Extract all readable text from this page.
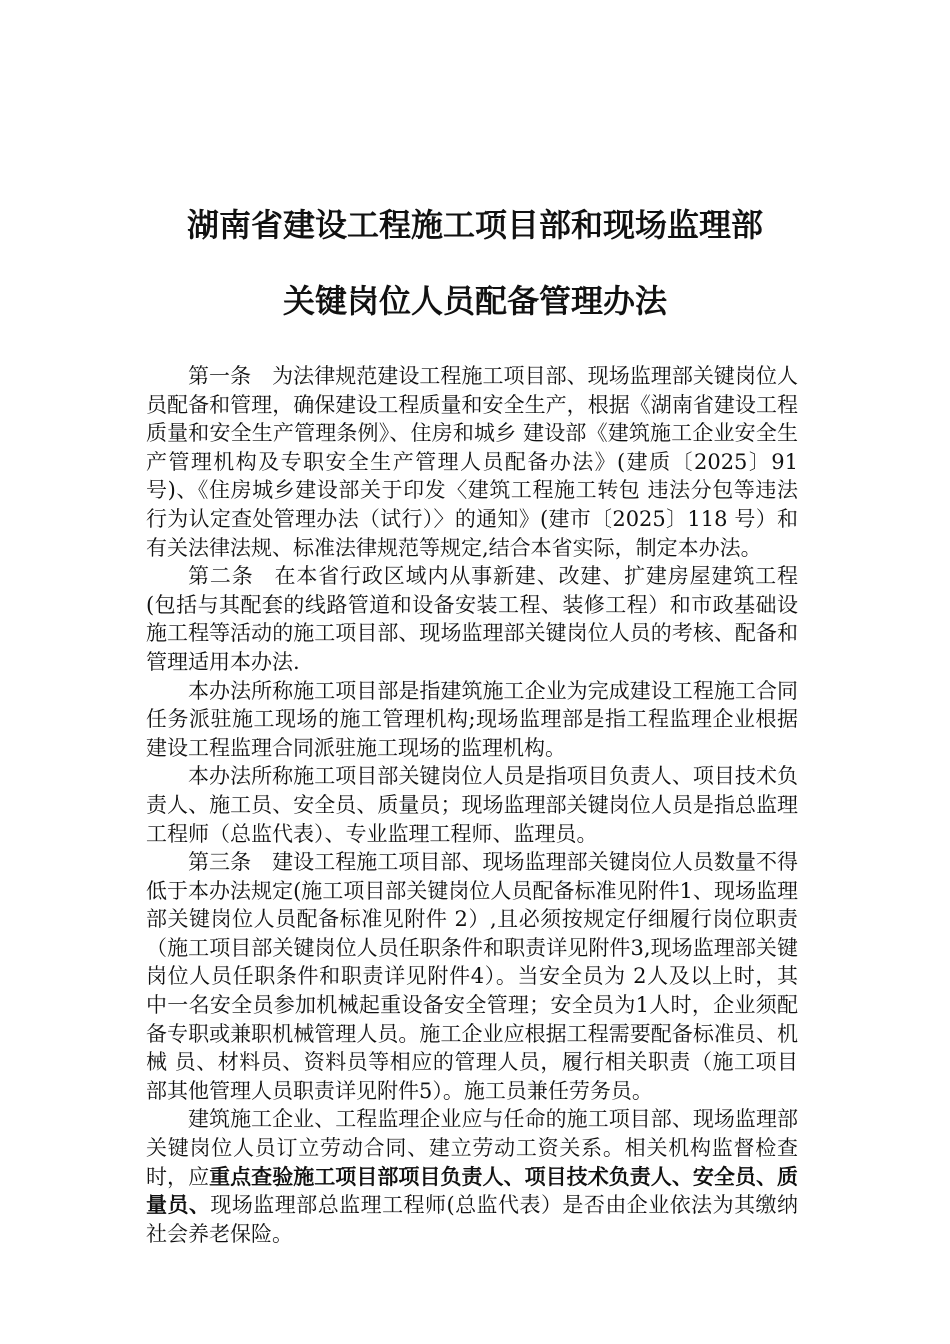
湖南省建设工程施工项目部和现场监理部
关键岗位人员配备管理办法

第一条 为法律规范建设工程施工项目部、现场监理部关键岗位人员配备和管理，确保建设工程质量和安全生产，根据《湖南省建设工程质量和安全生产管理条例》、住房和城乡 建设部《建筑施工企业安全生产管理机构及专职安全生产管理人员配备办法》(建质〔2025〕91号)、《住房城乡建设部关于印发〈建筑工程施工转包 违法分包等违法行为认定查处管理办法（试行）〉的通知》(建市〔2025〕118 号）和有关法律法规、标准法律规范等规定,结合本省实际，制定本办法。

第二条 在本省行政区域内从事新建、改建、扩建房屋建筑工程(包括与其配套的线路管道和设备安装工程、装修工程）和市政基础设施工程等活动的施工项目部、现场监理部关键岗位人员的考核、配备和管理适用本办法.

本办法所称施工项目部是指建筑施工企业为完成建设工程施工合同任务派驻施工现场的施工管理机构;现场监理部是指工程监理企业根据建设工程监理合同派驻施工现场的监理机构。

本办法所称施工项目部关键岗位人员是指项目负责人、项目技术负责人、施工员、安全员、质量员；现场监理部关键岗位人员是指总监理工程师（总监代表）、专业监理工程师、监理员。

第三条 建设工程施工项目部、现场监理部关键岗位人员数量不得低于本办法规定(施工项目部关键岗位人员配备标准见附件1、现场监理部关键岗位人员配备标准见附件 2）,且必须按规定仔细履行岗位职责（施工项目部关键岗位人员任职条件和职责详见附件3,现场监理部关键岗位人员任职条件和职责详见附件4）。当安全员为 2人及以上时，其中一名安全员参加机械起重设备安全管理；安全员为1人时，企业须配备专职或兼职机械管理人员。施工企业应根据工程需要配备标准员、机械 员、材料员、资料员等相应的管理人员，履行相关职责（施工项目部其他管理人员职责详见附件5）。施工员兼任劳务员。

建筑施工企业、工程监理企业应与任命的施工项目部、现场监理部关键岗位人员订立劳动合同、建立劳动工资关系。相关机构监督检查时，应重点查验施工项目部项目负责人、项目技术负责人、安全员、质量员、现场监理部总监理工程师(总监代表）是否由企业依法为其缴纳社会养老保险。
